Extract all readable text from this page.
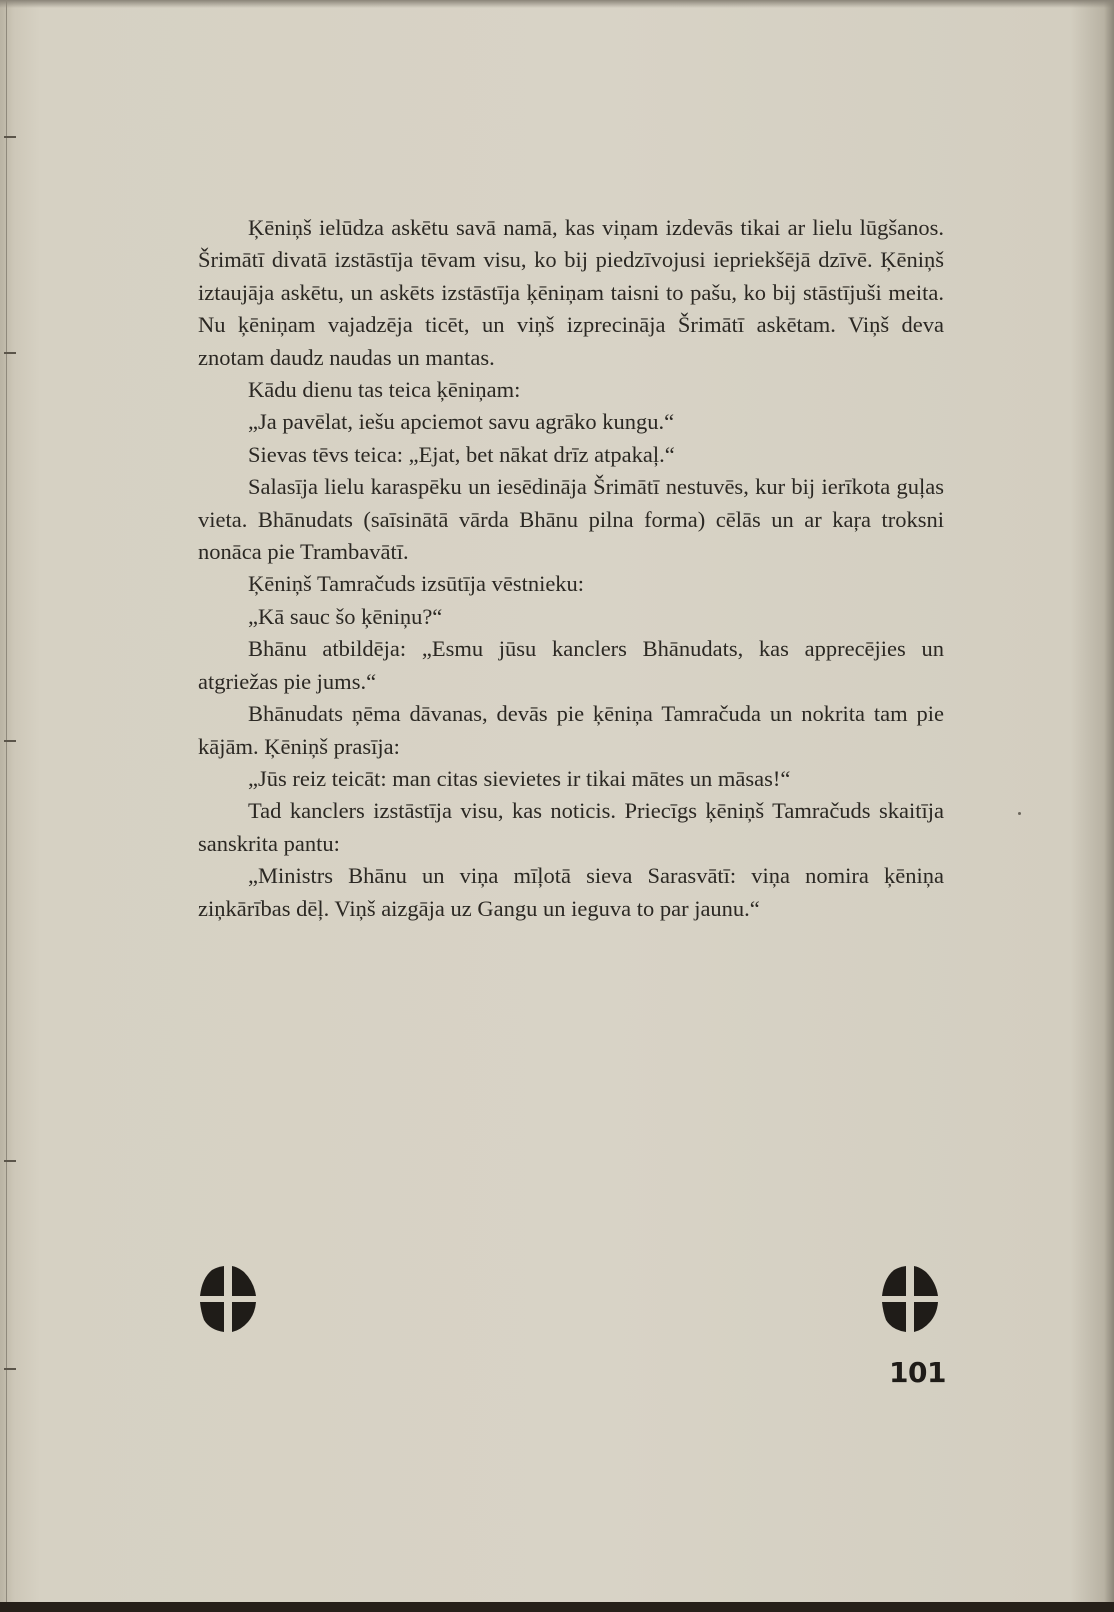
Ķēniņš ielūdza askētu savā namā, kas viņam izdevās tikai ar lielu lūgšanos. Šrimātī divatā izstāstīja tēvam visu, ko bij piedzīvojusi iepriekšējā dzīvē. Ķēniņš iztaujāja askētu, un askēts izstāstīja ķēniņam taisni to pašu, ko bij stāstījuši meita. Nu ķēniņam vajadzēja ticēt, un viņš izprecināja Šrimātī askētam. Viņš deva znotam daudz naudas un mantas.

Kādu dienu tas teica ķēniņam:

„Ja pavēlat, iešu apciemot savu agrāko kungu.“

Sievas tēvs teica: „Ejat, bet nākat drīz atpakaļ.“

Salasīja lielu karaspēku un iesēdināja Šrimātī nestuvēs, kur bij ierīkota guļas vieta. Bhānudats (saīsinātā vārda Bhānu pilna forma) cēlās un ar kaŗa troksni nonāca pie Trambavātī.

Ķēniņš Tamračuds izsūtīja vēstnieku:

„Kā sauc šo ķēniņu?“

Bhānu atbildēja: „Esmu jūsu kanclers Bhānudats, kas apprecējies un atgriežas pie jums.“

Bhānudats ņēma dāvanas, devās pie ķēniņa Tamračuda un nokrita tam pie kājām. Ķēniņš prasīja:

„Jūs reiz teicāt: man citas sievietes ir tikai mātes un māsas!“

Tad kanclers izstāstīja visu, kas noticis. Priecīgs ķēniņš Tamračuds skaitīja sanskrita pantu:

„Ministrs Bhānu un viņa mīļotā sieva Sarasvātī: viņa nomira ķēniņa ziņkārības dēļ. Viņš aizgāja uz Gangu un ieguva to par jaunu.“

101
